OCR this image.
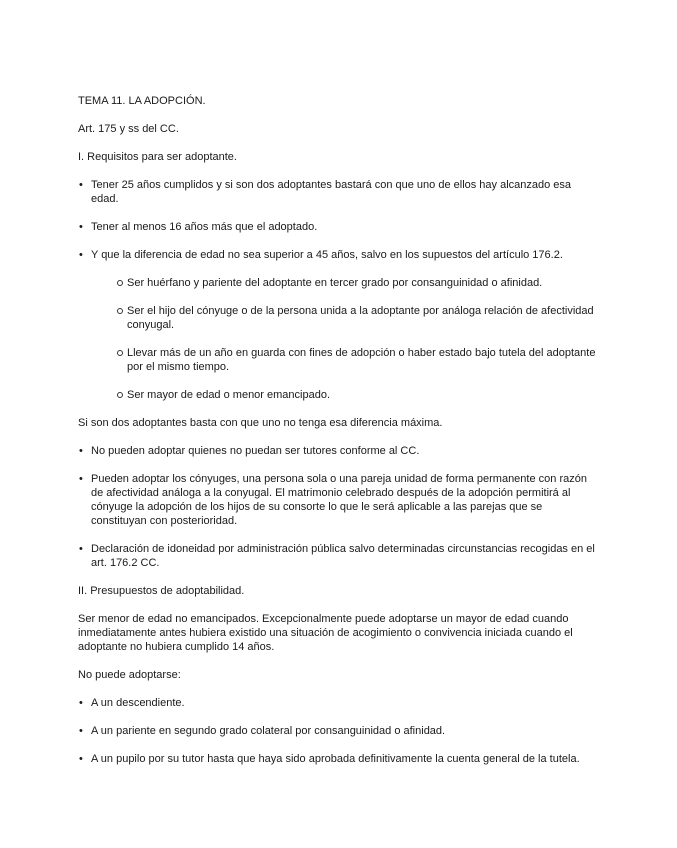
TEMA 11. LA ADOPCIÓN.

Art. 175 y ss del CC.

I. Requisitos para ser adoptante.

• Tener 25 años cumplidos y si son dos adoptantes bastará con que uno de ellos hay alcanzado esa edad.
• Tener al menos 16 años más que el adoptado.
• Y que la diferencia de edad no sea superior a 45 años, salvo en los supuestos del artículo 176.2.
Ser huérfano y pariente del adoptante en tercer grado por consanguinidad o afinidad.
Ser el hijo del cónyuge o de la persona unida a la adoptante por análoga relación de afectividad conyugal.
Llevar más de un año en guarda con fines de adopción o haber estado bajo tutela del adoptante por el mismo tiempo.
Ser mayor de edad o menor emancipado.

Si son dos adoptantes basta con que uno no tenga esa diferencia máxima.

• No pueden adoptar quienes no puedan ser tutores conforme al CC.
• Pueden adoptar los cónyuges, una persona sola o una pareja unidad de forma permanente con razón de afectividad análoga a la conyugal. El matrimonio celebrado después de la adopción permitirá al cónyuge la adopción de los hijos de su consorte lo que le será aplicable a las parejas que se constituyan con posterioridad.
• Declaración de idoneidad por administración pública salvo determinadas circunstancias recogidas en el art. 176.2 CC.

II. Presupuestos de adoptabilidad.

Ser menor de edad no emancipados. Excepcionalmente puede adoptarse un mayor de edad cuando inmediatamente antes hubiera existido una situación de acogimiento o convivencia iniciada cuando el adoptante no hubiera cumplido 14 años.

No puede adoptarse:

• A un descendiente.
• A un pariente en segundo grado colateral por consanguinidad o afinidad.
• A un pupilo por su tutor hasta que haya sido aprobada definitivamente la cuenta general de la tutela.
